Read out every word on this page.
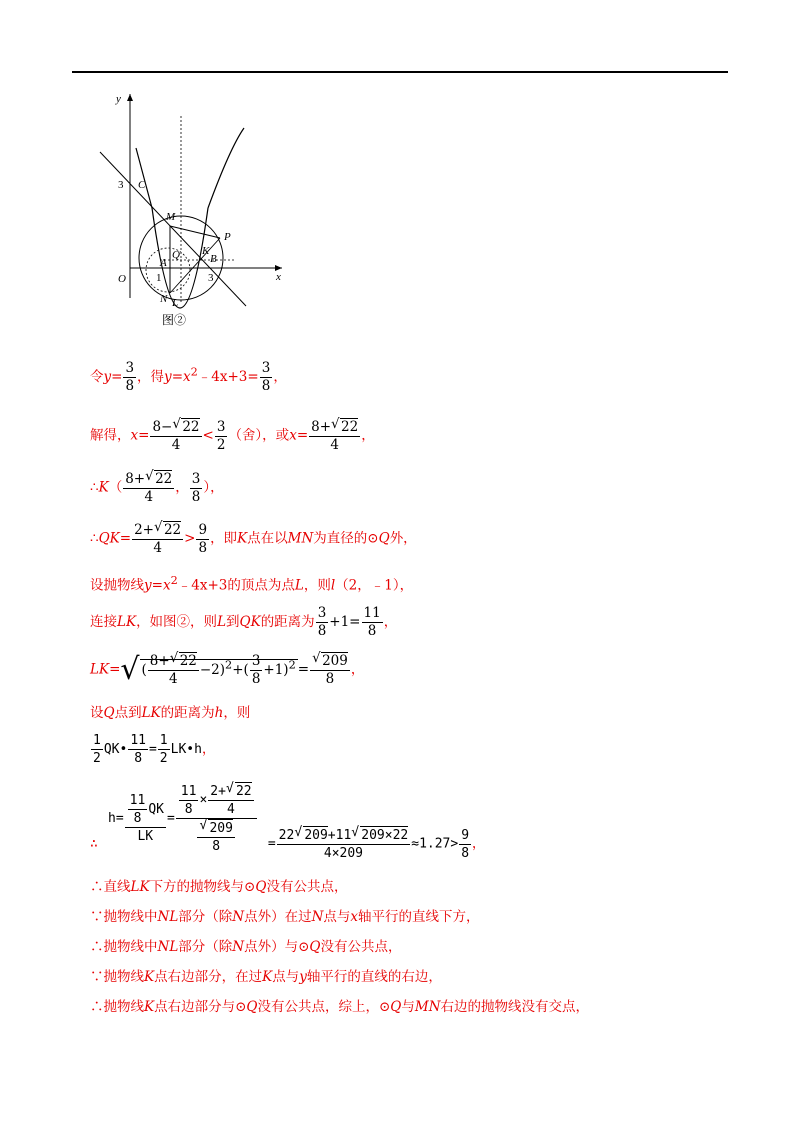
y
x
O
3 C
M
P
Q
A
K
B
1	3
N L
图②
令$y= \frac{3}{8}$ ，得$y=x^2﹣4x+3= \frac{3}{8}$ ，
解得，$x= \frac{8- √ 22}{4} < \frac{3}{2}$ （舍），或$x= \frac{8+ √ 22}{4}$ ，
∴K（ $\frac{8+ √ 22}{4}$ ， $\frac{3}{8}$ ），
∴QK= $\frac{2+ √ 22}{4} > \frac{9}{8}$ ，即K点在以MN为直径的⊙Q外，
设抛物线$y=x^2﹣4x+3$的顶点为点L，则l（2，﹣1），
连接LK，如图②，则L到QK的距离为 $\frac{3}{8} +1= \frac{11}{8}$ ，
LK=√ ( $\frac{8+ √ 22}{4} -2)^2+( \frac{3}{8} +1)^2$ = √ $\frac{209}{8}$ ，
设Q点到LK的距离为h，则
$\frac{1}{2}$ QK• $\frac{11}{8} = \frac{1}{2}$ LK•h，
$h= \frac{\frac{11}{8} QK}{LK} = \frac{11}{8} \times \frac{2+ √ 22}{4}$
√ $\frac{209}{8}$
∴	= $\frac{22 √ 209+11 √ 209\times 22}{4\times 209} \approx 1.27> \frac{9}{8}$ ，
∴直线LK下方的抛物线与⊙Q没有公共点，
∵抛物线中NL部分（除N点外）在过N点与x轴平行的直线下方，
∴抛物线中NL部分（除N点外）与⊙Q没有公共点，
∵抛物线K点右边部分，在过K点与y轴平行的直线的右边，
∴抛物线K点右边部分与⊙Q没有公共点，综上，⊙Q与MN右边的抛物线没有交点，
